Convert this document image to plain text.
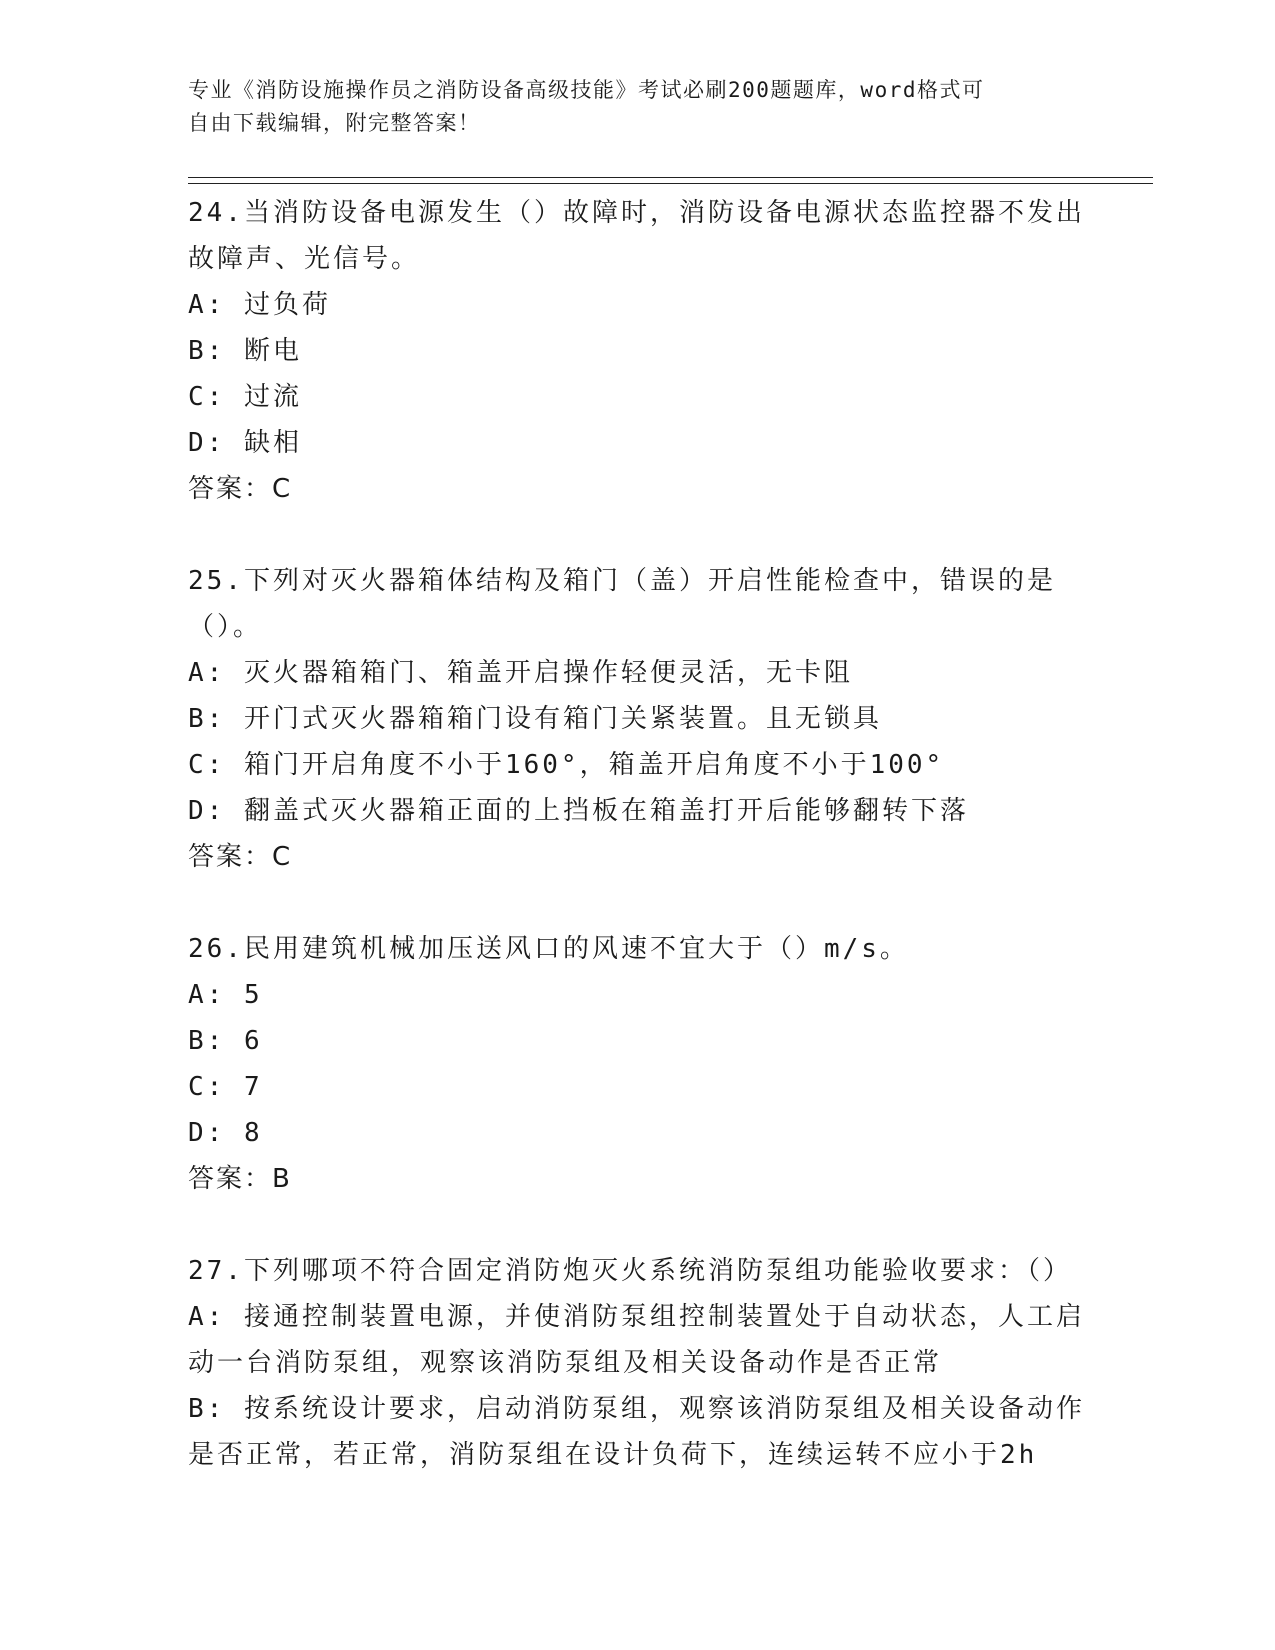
专业《消防设施操作员之消防设备高级技能》考试必刷200题题库，word格式可
自由下载编辑，附完整答案！

24.当消防设备电源发生（）故障时，消防设备电源状态监控器不发出故障声、光信号。

A: 过负荷
B: 断电
C: 过流
D: 缺相
答案：C

25.下列对灭火器箱体结构及箱门（盖）开启性能检查中，错误的是（）。

A: 灭火器箱箱门、箱盖开启操作轻便灵活，无卡阻
B: 开门式灭火器箱箱门设有箱门关紧装置。且无锁具
C: 箱门开启角度不小于160°，箱盖开启角度不小于100°
D: 翻盖式灭火器箱正面的上挡板在箱盖打开后能够翻转下落
答案：C

26.民用建筑机械加压送风口的风速不宜大于（）m/s。

A: 5
B: 6
C: 7
D: 8
答案：B

27.下列哪项不符合固定消防炮灭火系统消防泵组功能验收要求：（）

A: 接通控制装置电源，并使消防泵组控制装置处于自动状态，人工启动一台消防泵组，观察该消防泵组及相关设备动作是否正常
B: 按系统设计要求，启动消防泵组，观察该消防泵组及相关设备动作是否正常，若正常，消防泵组在设计负荷下，连续运转不应小于2h
